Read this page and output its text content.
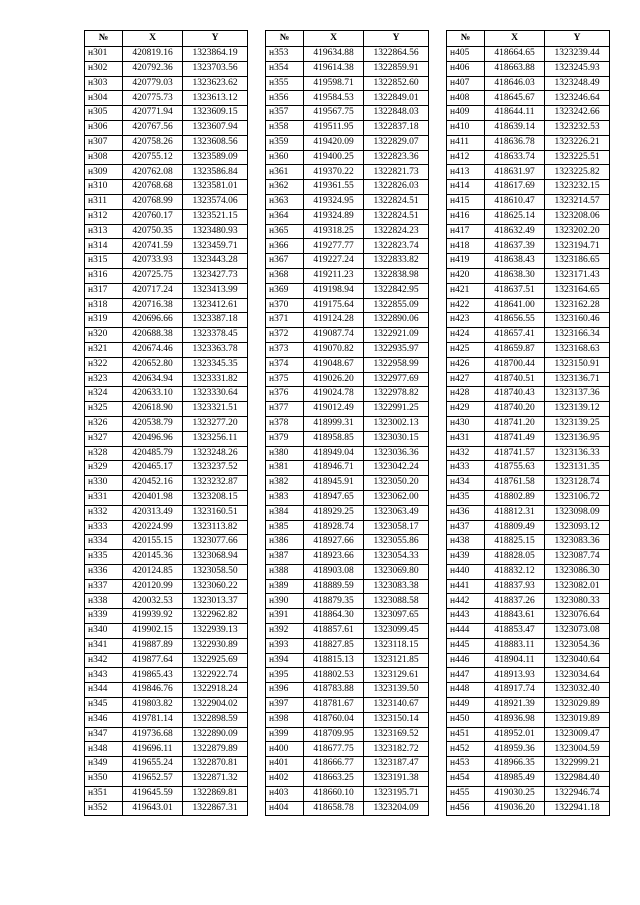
№	X	Y
н301	420819.16	1323864.19
н302	420792.36	1323703.56
н303	420779.03	1323623.62
н304	420775.73	1323613.12
н305	420771.94	1323609.15
н306	420767.56	1323607.94
н307	420758.26	1323608.56
н308	420755.12	1323589.09
н309	420762.08	1323586.84
н310	420768.68	1323581.01
н311	420768.99	1323574.06
н312	420760.17	1323521.15
н313	420750.35	1323480.93
н314	420741.59	1323459.71
н315	420733.93	1323443.28
н316	420725.75	1323427.73
н317	420717.24	1323413.99
н318	420716.38	1323412.61
н319	420696.66	1323387.18
н320	420688.38	1323378.45
н321	420674.46	1323363.78
н322	420652.80	1323345.35
н323	420634.94	1323331.82
н324	420633.10	1323330.64
н325	420618.90	1323321.51
н326	420538.79	1323277.20
н327	420496.96	1323256.11
н328	420485.79	1323248.26
н329	420465.17	1323237.52
н330	420452.16	1323232.87
н331	420401.98	1323208.15
н332	420313.49	1323160.51
н333	420224.99	1323113.82
н334	420155.15	1323077.66
н335	420145.36	1323068.94
н336	420124.85	1323058.50
н337	420120.99	1323060.22
н338	420032.53	1323013.37
н339	419939.92	1322962.82
н340	419902.15	1322939.13
н341	419887.89	1322930.89
н342	419877.64	1322925.69
н343	419865.43	1322922.74
н344	419846.76	1322918.24
н345	419803.82	1322904.02
н346	419781.14	1322898.59
н347	419736.68	1322890.09
н348	419696.11	1322879.89
н349	419655.24	1322870.81
н350	419652.57	1322871.32
н351	419645.59	1322869.81
н352	419643.01	1322867.31
№	X	Y
н353	419634.88	1322864.56
н354	419614.38	1322859.91
н355	419598.71	1322852.60
н356	419584.53	1322849.01
н357	419567.75	1322848.03
н358	419511.95	1322837.18
н359	419420.09	1322829.07
н360	419400.25	1322823.36
н361	419370.22	1322821.73
н362	419361.55	1322826.03
н363	419324.95	1322824.51
н364	419324.89	1322824.51
н365	419318.25	1322824.23
н366	419277.77	1322823.74
н367	419227.24	1322833.82
н368	419211.23	1322838.98
н369	419198.94	1322842.95
н370	419175.64	1322855.09
н371	419124.28	1322890.06
н372	419087.74	1322921.09
н373	419070.82	1322935.97
н374	419048.67	1322958.99
н375	419026.20	1322977.69
н376	419024.78	1322978.82
н377	419012.49	1322991.25
н378	418999.31	1323002.13
н379	418958.85	1323030.15
н380	418949.04	1323036.36
н381	418946.71	1323042.24
н382	418945.91	1323050.20
н383	418947.65	1323062.00
н384	418929.25	1323063.49
н385	418928.74	1323058.17
н386	418927.66	1323055.86
н387	418923.66	1323054.33
н388	418903.08	1323069.80
н389	418889.59	1323083.38
н390	418879.35	1323088.58
н391	418864.30	1323097.65
н392	418857.61	1323099.45
н393	418827.85	1323118.15
н394	418815.13	1323121.85
н395	418802.53	1323129.61
н396	418783.88	1323139.50
н397	418781.67	1323140.67
н398	418760.04	1323150.14
н399	418709.95	1323169.52
н400	418677.75	1323182.72
н401	418666.77	1323187.47
н402	418663.25	1323191.38
н403	418660.10	1323195.71
н404	418658.78	1323204.09
№	X	Y
н405	418664.65	1323239.44
н406	418663.88	1323245.93
н407	418646.03	1323248.49
н408	418645.67	1323246.64
н409	418644.11	1323242.66
н410	418639.14	1323232.53
н411	418636.78	1323226.21
н412	418633.74	1323225.51
н413	418631.97	1323225.82
н414	418617.69	1323232.15
н415	418610.47	1323214.57
н416	418625.14	1323208.06
н417	418632.49	1323202.20
н418	418637.39	1323194.71
н419	418638.43	1323186.65
н420	418638.30	1323171.43
н421	418637.51	1323164.65
н422	418641.00	1323162.28
н423	418656.55	1323160.46
н424	418657.41	1323166.34
н425	418659.87	1323168.63
н426	418700.44	1323150.91
н427	418740.51	1323136.71
н428	418740.43	1323137.36
н429	418740.20	1323139.12
н430	418741.20	1323139.25
н431	418741.49	1323136.95
н432	418741.57	1323136.33
н433	418755.63	1323131.35
н434	418761.58	1323128.74
н435	418802.89	1323106.72
н436	418812.31	1323098.09
н437	418809.49	1323093.12
н438	418825.15	1323083.36
н439	418828.05	1323087.74
н440	418832.12	1323086.30
н441	418837.93	1323082.01
н442	418837.26	1323080.33
н443	418843.61	1323076.64
н444	418853.47	1323073.08
н445	418883.11	1323054.36
н446	418904.11	1323040.64
н447	418913.93	1323034.64
н448	418917.74	1323032.40
н449	418921.39	1323029.89
н450	418936.98	1323019.89
н451	418952.01	1323009.47
н452	418959.36	1323004.59
н453	418966.35	1322999.21
н454	418985.49	1322984.40
н455	419030.25	1322946.74
н456	419036.20	1322941.18
